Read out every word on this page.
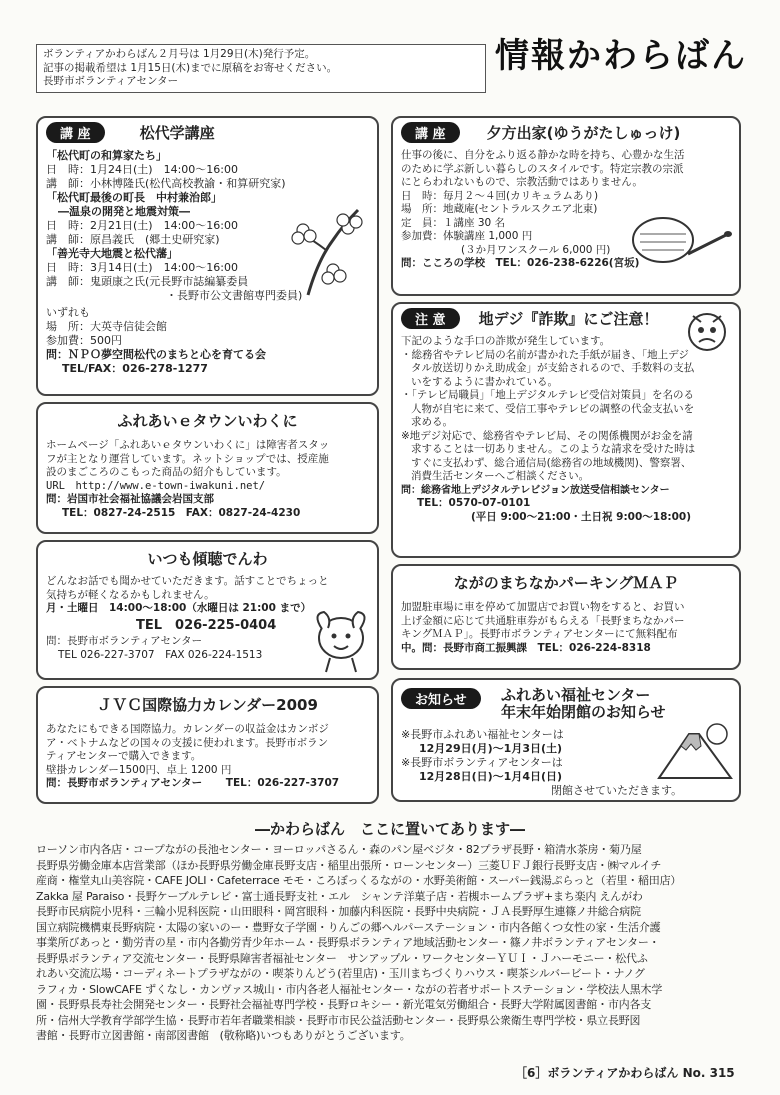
情報かわらばん
ボランティアかわらばん２月号は 1月29日(木)発行予定。
記事の掲載希望は 1月15日(木)までに原稿をお寄せください。
長野市ボランティアセンター
講 座	松代学講座
「松代町の和算家たち」
日　時：1月24日(土)　14:00～16:00
講　師：小林博隆氏(松代高校教諭・和算研究家)
「松代町最後の町長　中村兼治郎」
―温泉の開発と地震対策―
日　時：2月21日(土)　14:00～16:00
講　師：原昌義氏　(郷土史研究家)
「善光寺大地震と松代藩」
日　時：3月14日(土)　14:00～16:00
講　師：鬼頭康之氏(元長野市誌編纂委員
・長野市公文書館専門委員)
いずれも
場　所：大英寺信徒会館
参加費：500円
問：ＮＰＯ夢空間松代のまちと心を育てる会
TEL/FAX：026-278-1277
ふれあいｅタウンいわくに
ホームページ「ふれあいｅタウンいわくに」は障害者スタッ
フが主となり運営しています。ネットショップでは、授産施
設のまごころのこもった商品の紹介もしています。
URL　http://www.e-town-iwakuni.net/
問：岩国市社会福祉協議会岩国支部
TEL：0827-24-2515　FAX：0827-24-4230
いつも傾聴でんわ
どんなお話でも聞かせていただきます。話すことでちょっと
気持ちが軽くなるかもしれません。
月・土曜日　14:00～18:00（水曜日は 21:00 まで）
TEL　026-225-0404
問：長野市ボランティアセンター
TEL 026-227-3707　FAX 026-224-1513
ＪＶＣ国際協力カレンダー2009
あなたにもできる国際協力。カレンダーの収益金はカンボジ
ア・ベトナムなどの国々の支援に使われます。長野市ボラン
ティアセンターで購入できます。
壁掛カレンダー1500円、卓上 1200 円
問：長野市ボランティアセンター TEL：026-227-3707
講 座	夕方出家(ゆうがたしゅっけ)
仕事の後に、自分をふり返る静かな時を持ち、心豊かな生活
のために学ぶ新しい暮らしのスタイルです。特定宗教の宗派
にとらわれないもので、宗教活動ではありません。
日　時：毎月２～４回(カリキュラムあり)
場　所：地蔵庵(セントラルスクエア北東)
定　員：１講座 30 名
参加費：体験講座 1,000 円
(３か月ワンスクール 6,000 円)
問：こころの学校　TEL：026-238-6226(宮坂)
注 意 地デジ『詐欺』にご注意！
下記のような手口の詐欺が発生しています。
・総務省やテレビ局の名前が書かれた手紙が届き、「地上デジ
タル放送切りかえ助成金」が支給されるので、手数料の支払
いをするように書かれている。
・「テレビ局職員」「地上デジタルテレビ受信対策員」を名のる
人物が自宅に来て、受信工事やテレビの調整の代金支払いを
求める。
※地デジ対応で、総務省やテレビ局、その関係機関がお金を請
求することは一切ありません。このような請求を受けた時は
すぐに支払わず、総合通信局(総務省の地域機関)、警察署、
消費生活センターへご相談ください。
問：総務省地上デジタルテレビジョン放送受信相談センター
TEL：0570-07-0101
(平日 9:00～21:00・土日祝 9:00～18:00)
ながのまちなかパーキングＭＡＰ
加盟駐車場に車を停めて加盟店でお買い物をすると、お買い
上げ金額に応じて共通駐車券がもらえる「長野まちなかパー
キングＭＡＰ」。長野市ボランティアセンターにて無料配布
中。問：長野市商工振興課　TEL：026-224-8318
お知らせ	ふれあい福祉センター
年末年始閉館のお知らせ
※長野市ふれあい福祉センターは
12月29日(月)～1月3日(土)
※長野市ボランティアセンターは
12月28日(日)～1月4日(日)
閉館させていただきます。
―かわらばん　ここに置いてあります―
ローソン市内各店・コープながの長池センター・ヨーロッパさるん・森のパン屋ベジタ・82プラザ長野・箱清水茶房・菊乃屋
長野県労働金庫本店営業部（ほか長野県労働金庫長野支店・稲里出張所・ローンセンター）三菱ＵＦＪ銀行長野支店・㈱マルイチ
産商・権堂丸山美容院・CAFE JOLI・Cafeterrace モモ・ころぼっくるながの・水野美術館・スーパー銭湯ぷらっと（若里・稲田店）
Zakka 屋 Paraiso・長野ケーブルテレビ・富士通長野支社・エル　シャンテ洋菓子店・若槻ホームプラザ+まち楽内 えんがわ
長野市民病院小児科・三輪小児科医院・山田眼科・岡宮眼科・加藤内科医院・長野中央病院・ＪＡ長野厚生連篠ノ井総合病院
国立病院機構東長野病院・太陽の家いのー・豊野女子学園・りんごの郷ヘルパーステーション・市内各館くつ女性の家・生活介護
事業所びあっと・勤労青の星・市内各勤労青少年ホーム・長野県ボランティア地域活動センター・篠ノ井ボランティアセンター・
長野県ボランティア交流センター・長野県障害者福祉センター　サンアップル・ワークセンターＹＵＩ・Ｊハーモニー・松代ふ
れあい交流広場・コーディネートプラザながの・喫茶りんどう(若里店)・玉川まちづくりハウス・喫茶シルバービート・ナノグ
ラフィカ・SlowCAFE ずくなし・カンヴァス城山・市内各老人福祉センター・ながの若者サポートステーション・学校法人黒木学
園・長野県長寿社会開発センター・長野社会福祉専門学校・長野ロキシー・新光電気労働組合・長野大学附属図書館・市内各支
所・信州大学教育学部学生協・長野市若年者職業相談・長野市市民公益活動センター・長野県公衆衛生専門学校・県立長野図
書館・長野市立図書館・南部図書館　(敬称略)いつもありがとうございます。
［6］ボランティアかわらばん No. 315
